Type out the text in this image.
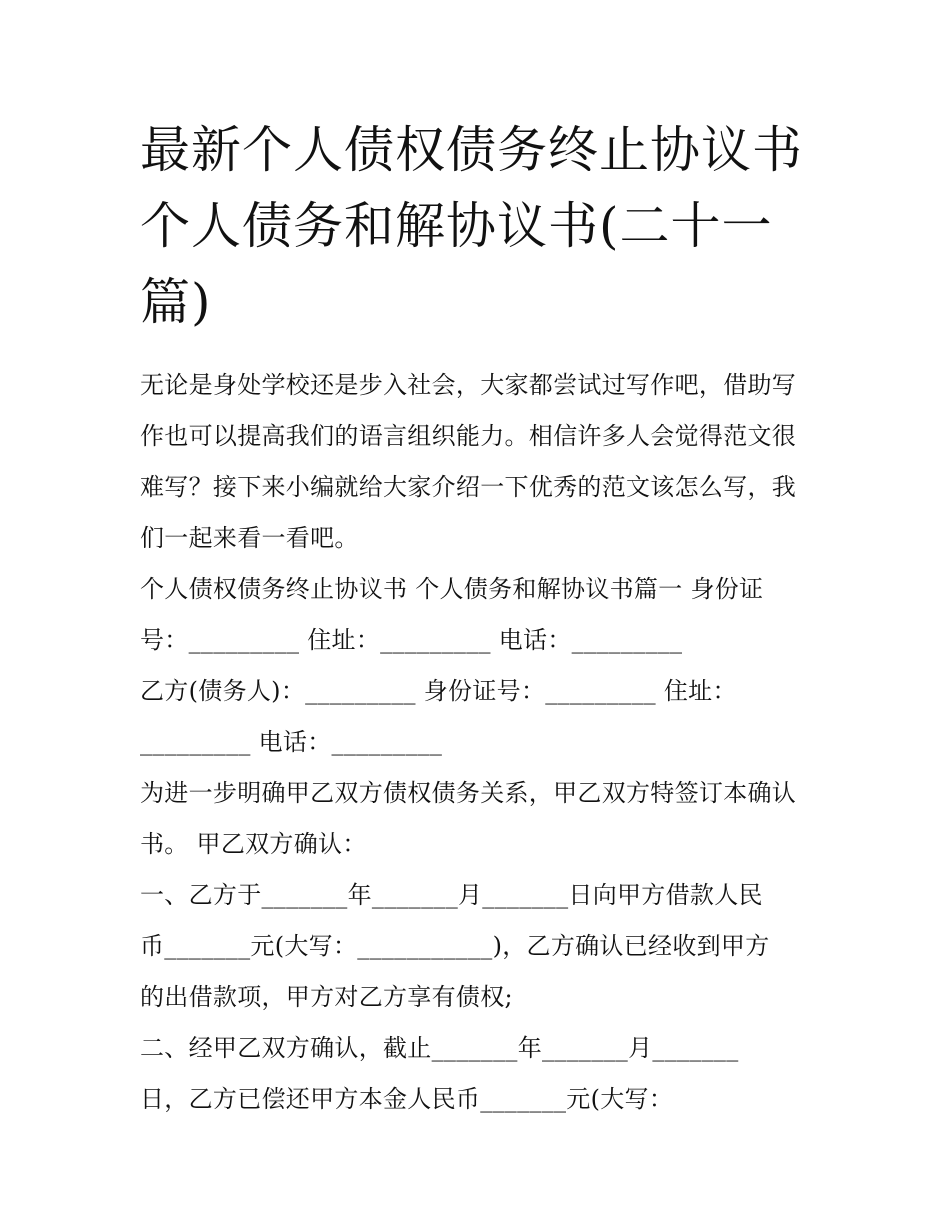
最新个人债权债务终止协议书
个人债务和解协议书(二十一
篇)
无论是身处学校还是步入社会，大家都尝试过写作吧，借助写
作也可以提高我们的语言组织能力。相信许多人会觉得范文很
难写？接下来小编就给大家介绍一下优秀的范文该怎么写，我
们一起来看一看吧。
个人债权债务终止协议书 个人债务和解协议书篇一 身份证
号：_________ 住址：_________ 电话：_________
乙方(债务人)：_________ 身份证号：_________ 住址：
_________ 电话：_________
为进一步明确甲乙双方债权债务关系，甲乙双方特签订本确认
书。 甲乙双方确认：
一、乙方于_______年_______月_______日向甲方借款人民
币_______元(大写：___________)，乙方确认已经收到甲方
的出借款项，甲方对乙方享有债权;
二、经甲乙双方确认，截止_______年_______月_______
日，乙方已偿还甲方本金人民币_______元(大写：
